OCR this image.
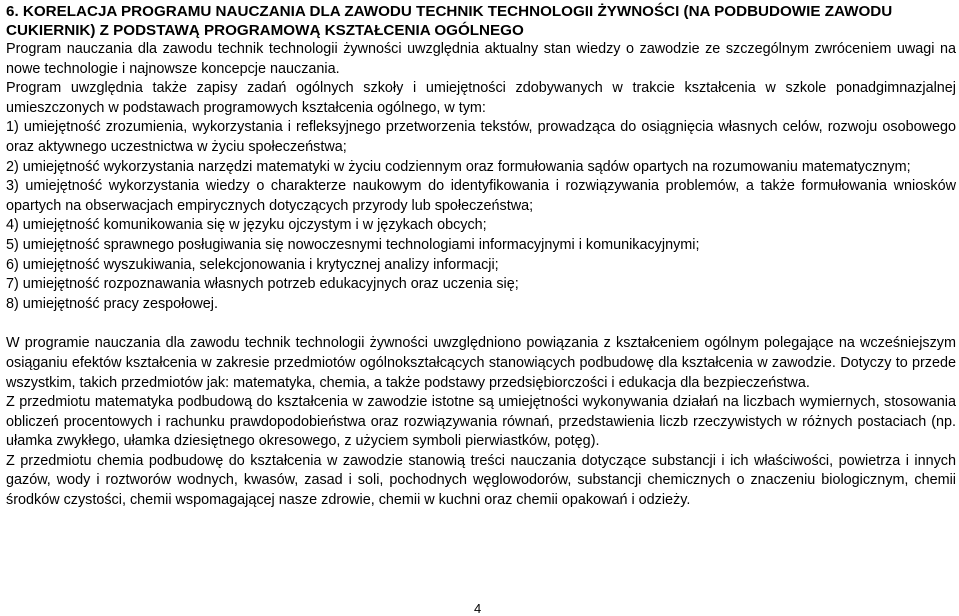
6. KORELACJA PROGRAMU NAUCZANIA DLA ZAWODU TECHNIK TECHNOLOGII ŻYWNOŚCI (NA PODBUDOWIE ZAWODU CUKIERNIK) Z PODSTAWĄ PROGRAMOWĄ KSZTAŁCENIA OGÓLNEGO

Program nauczania dla zawodu technik technologii żywności uwzględnia aktualny stan wiedzy o zawodzie ze szczególnym zwróceniem uwagi na nowe technologie i najnowsze koncepcje nauczania.

Program uwzględnia także zapisy zadań ogólnych szkoły i umiejętności zdobywanych w trakcie kształcenia w szkole ponadgimnazjalnej umieszczonych w podstawach programowych kształcenia ogólnego, w tym:

1) umiejętność zrozumienia, wykorzystania i refleksyjnego przetworzenia tekstów, prowadząca do osiągnięcia własnych celów, rozwoju osobowego oraz aktywnego uczestnictwa w życiu społeczeństwa;
2) umiejętność wykorzystania narzędzi matematyki w życiu codziennym oraz formułowania sądów opartych na rozumowaniu matematycznym;
3) umiejętność wykorzystania wiedzy o charakterze naukowym do identyfikowania i rozwiązywania problemów, a także formułowania wniosków opartych na obserwacjach empirycznych dotyczących przyrody lub społeczeństwa;
4) umiejętność komunikowania się w języku ojczystym i w językach obcych;
5) umiejętność sprawnego posługiwania się nowoczesnymi technologiami informacyjnymi i komunikacyjnymi;
6) umiejętność wyszukiwania, selekcjonowania i krytycznej analizy informacji;
7) umiejętność rozpoznawania własnych potrzeb edukacyjnych oraz uczenia się;
8) umiejętność pracy zespołowej.

W programie nauczania dla zawodu technik technologii żywności uwzględniono powiązania z kształceniem ogólnym polegające na wcześniejszym osiąganiu efektów kształcenia w zakresie przedmiotów ogólnokształcących stanowiących podbudowę dla kształcenia w zawodzie. Dotyczy to przede wszystkim, takich przedmiotów jak: matematyka, chemia, a także podstawy przedsiębiorczości i edukacja dla bezpieczeństwa.

Z przedmiotu matematyka podbudową do kształcenia w zawodzie istotne są umiejętności wykonywania działań na liczbach wymiernych, stosowania obliczeń procentowych i rachunku prawdopodobieństwa oraz rozwiązywania równań, przedstawienia liczb rzeczywistych w różnych postaciach (np. ułamka zwykłego, ułamka dziesiętnego okresowego, z użyciem symboli pierwiastków, potęg).

Z przedmiotu chemia podbudowę do kształcenia w zawodzie stanowią treści nauczania dotyczące substancji i ich właściwości, powietrza i innych gazów, wody i roztworów wodnych, kwasów, zasad i soli, pochodnych węglowodorów, substancji chemicznych o znaczeniu biologicznym, chemii środków czystości, chemii wspomagającej nasze zdrowie, chemii w kuchni oraz chemii opakowań i odzieży.

4
